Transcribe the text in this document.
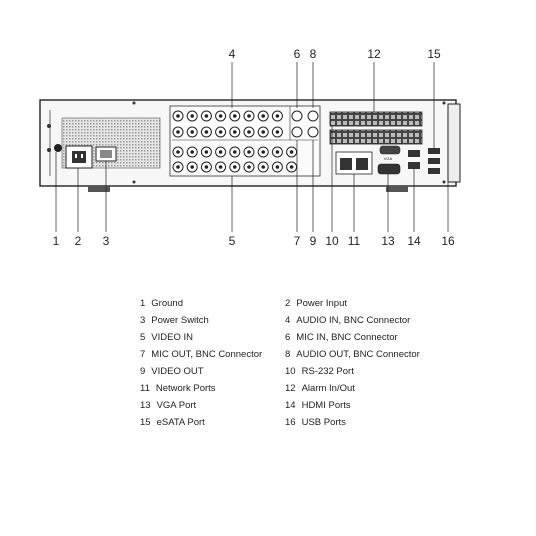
VGA
4	6 8	12	15
1 2 3	5	7 9 10 11 13 14 16
1 Ground	2 Power Input
3 Power Switch	4 AUDIO IN, BNC Connector
5 VIDEO IN	6 MIC IN, BNC Connector
7 MIC OUT, BNC Connector 8 AUDIO OUT, BNC Connector
9 VIDEO OUT	10 RS-232 Port
11 Network Ports	12 Alarm In/Out
13 VGA Port	14 HDMI Ports
15 eSATA Port	16 USB Ports
